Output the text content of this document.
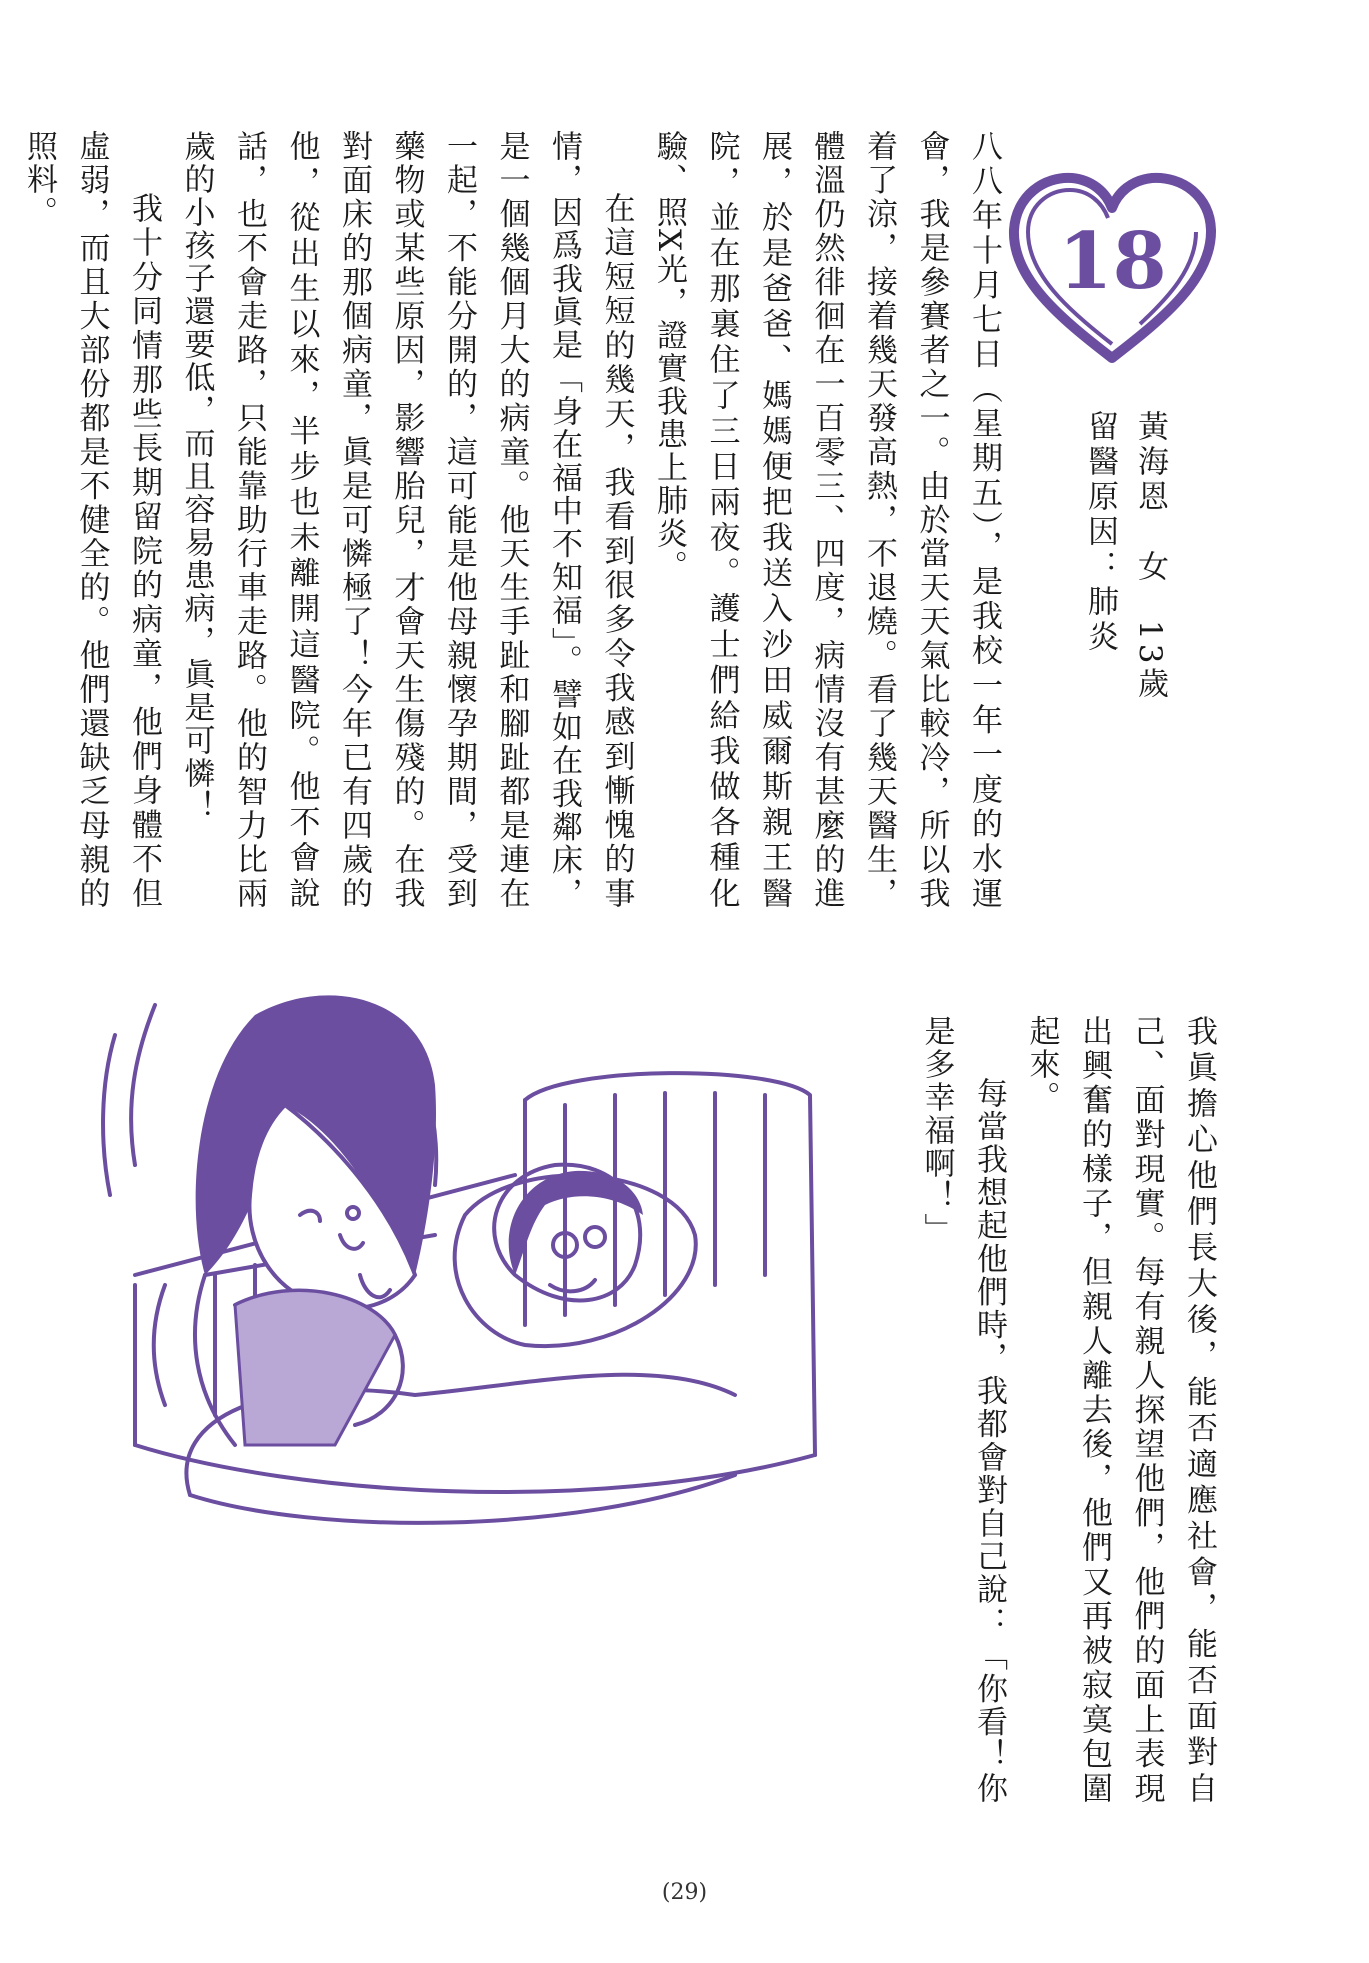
18
黃海恩　女　13歲
留醫原因：肺炎

八八年十月七日（星期五），是我校一年一度的水運會，我是參賽者之一。由於當天天氣比較冷，所以我着了涼，接着幾天發高熱，不退燒。看了幾天醫生，體溫仍然徘徊在一百零三、四度，病情沒有甚麼的進展，於是爸爸、媽媽便把我送入沙田威爾斯親王醫院，並在那裏住了三日兩夜。護士們給我做各種化驗、照X光，證實我患上肺炎。

在這短短的幾天，我看到很多令我感到慚愧的事情，因爲我眞是「身在福中不知福」。譬如在我鄰床，是一個幾個月大的病童。他天生手趾和腳趾都是連在一起，不能分開的，這可能是他母親懷孕期間，受到藥物或某些原因，影響胎兒，才會天生傷殘的。在我對面床的那個病童，眞是可憐極了！今年已有四歲的他，從出生以來，半步也未離開這醫院。他不會說話，也不會走路，只能靠助行車走路。他的智力比兩歲的小孩子還要低，而且容易患病，眞是可憐！

我十分同情那些長期留院的病童，他們身體不但虛弱，而且大部份都是不健全的。他們還缺乏母親的照料。

我眞擔心他們長大後，能否適應社會，能否面對自己、面對現實。每有親人探望他們，他們的面上表現出興奮的樣子，但親人離去後，他們又再被寂寞包圍起來。

每當我想起他們時，我都會對自己說：「你看！你是多幸福啊！」

(29)
